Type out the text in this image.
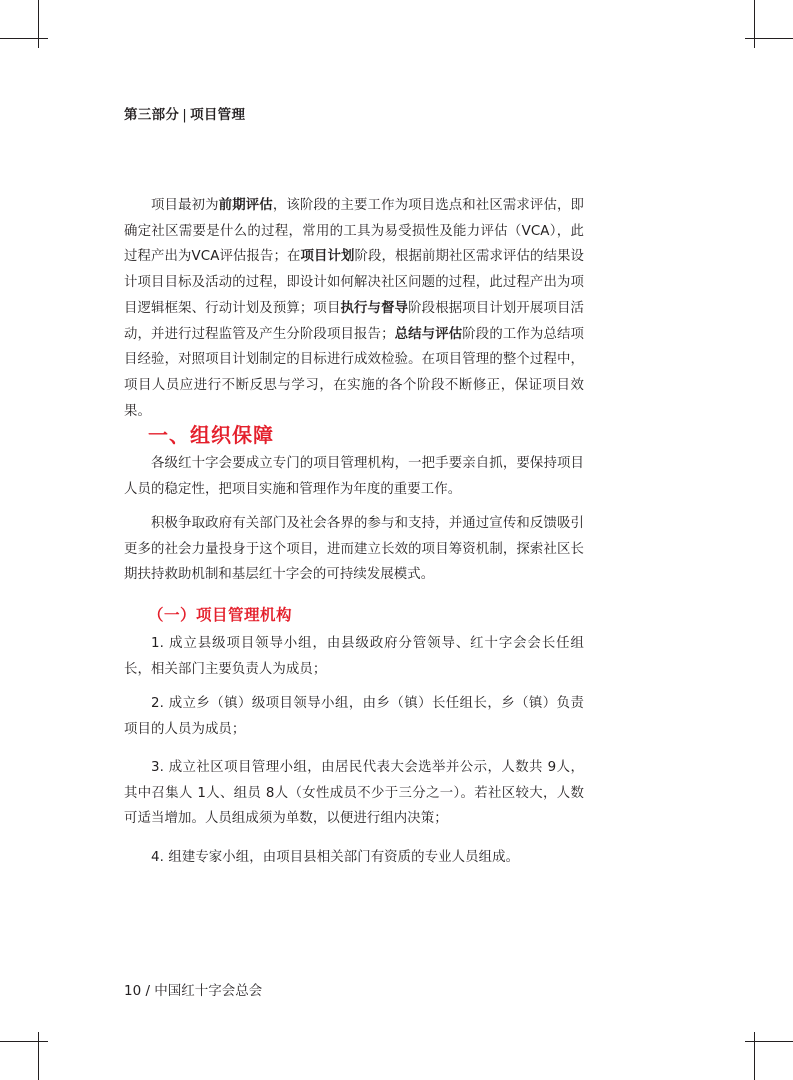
第三部分 | 项目管理
项目最初为前期评估，该阶段的主要工作为项目选点和社区需求评估，即确定社区需要是什么的过程，常用的工具为易受损性及能力评估（VCA），此过程产出为VCA评估报告；在项目计划阶段，根据前期社区需求评估的结果设计项目目标及活动的过程，即设计如何解决社区问题的过程，此过程产出为项目逻辑框架、行动计划及预算；项目执行与督导阶段根据项目计划开展项目活动，并进行过程监管及产生分阶段项目报告；总结与评估阶段的工作为总结项目经验，对照项目计划制定的目标进行成效检验。在项目管理的整个过程中，项目人员应进行不断反思与学习，在实施的各个阶段不断修正，保证项目效果。
一、组织保障
各级红十字会要成立专门的项目管理机构，一把手要亲自抓，要保持项目人员的稳定性，把项目实施和管理作为年度的重要工作。
积极争取政府有关部门及社会各界的参与和支持，并通过宣传和反馈吸引更多的社会力量投身于这个项目，进而建立长效的项目筹资机制，探索社区长期扶持救助机制和基层红十字会的可持续发展模式。
（一）项目管理机构
1. 成立县级项目领导小组，由县级政府分管领导、红十字会会长任组长，相关部门主要负责人为成员；
2. 成立乡（镇）级项目领导小组，由乡（镇）长任组长，乡（镇）负责项目的人员为成员；
3. 成立社区项目管理小组，由居民代表大会选举并公示，人数共 9人，其中召集人 1人、组员 8人（女性成员不少于三分之一）。若社区较大，人数可适当增加。人员组成须为单数，以便进行组内决策；
4. 组建专家小组，由项目县相关部门有资质的专业人员组成。
10 / 中国红十字会总会
